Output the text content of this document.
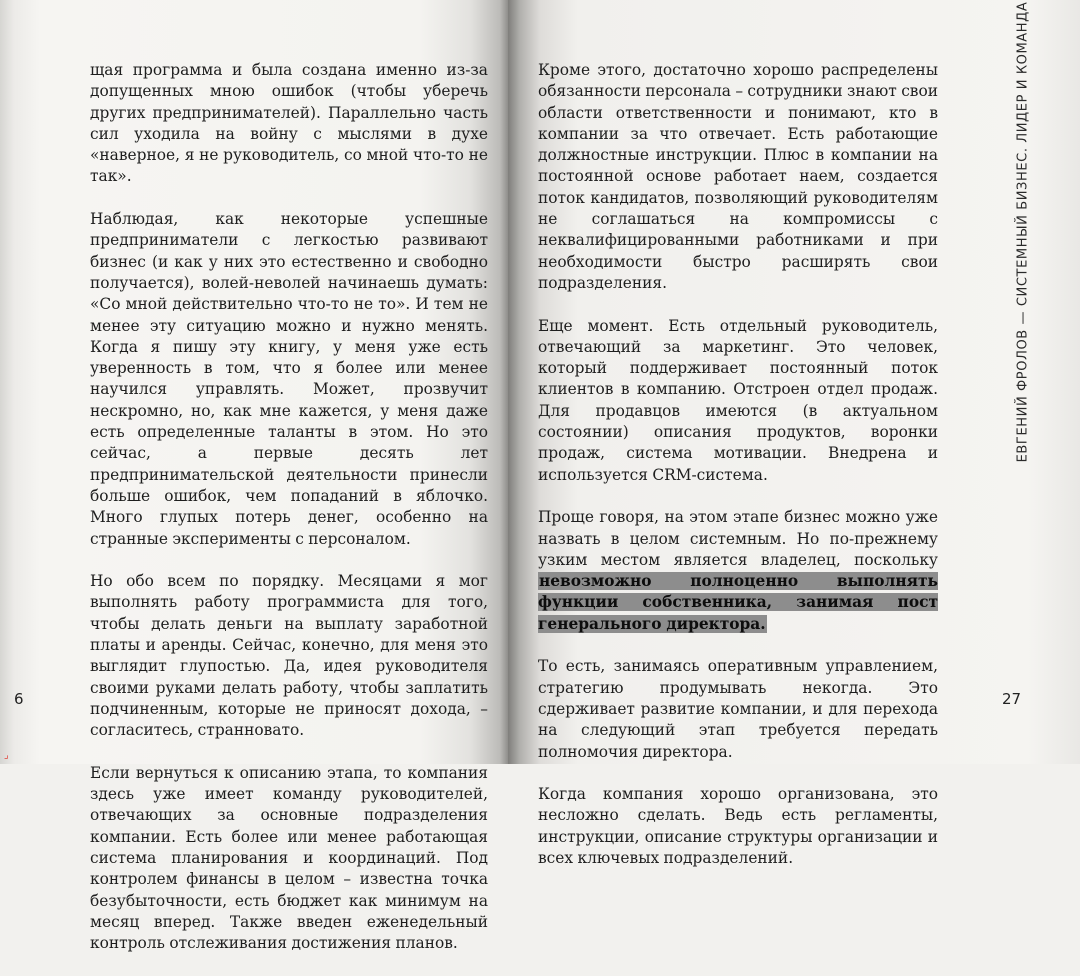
щая программа и была создана именно из-за допущенных мною ошибок (чтобы уберечь других предпринимателей). Параллельно часть сил уходила на войну с мыслями в духе «наверное, я не руководитель, со мной что-то не так».

Наблюдая, как некоторые успешные предприниматели с легкостью развивают бизнес (и как у них это естественно и свободно получается), волей-неволей начинаешь думать: «Со мной действительно что-то не то». И тем не менее эту ситуацию можно и нужно менять. Когда я пишу эту книгу, у меня уже есть уверенность в том, что я более или менее научился управлять. Может, прозвучит нескромно, но, как мне кажется, у меня даже есть определенные таланты в этом. Но это сейчас, а первые десять лет предпринимательской деятельности принесли больше ошибок, чем попаданий в яблочко. Много глупых потерь денег, особенно на странные эксперименты с персоналом.

Но обо всем по порядку. Месяцами я мог выполнять работу программиста для того, чтобы делать деньги на выплату заработной платы и аренды. Сейчас, конечно, для меня это выглядит глупостью. Да, идея руководителя своими руками делать работу, чтобы заплатить подчиненным, которые не приносят дохода, – согласитесь, странновато.

Если вернуться к описанию этапа, то компания здесь уже имеет команду руководителей, отвечающих за основные подразделения компании. Есть более или менее работающая система планирования и координаций. Под контролем финансы в целом – известна точка безубыточности, есть бюджет как минимум на месяц вперед. Также введен еженедельный контроль отслеживания достижения планов.

Кроме этого, достаточно хорошо распределены обязанности персонала – сотрудники знают свои области ответственности и понимают, кто в компании за что отвечает. Есть работающие должностные инструкции. Плюс в компании на постоянной основе работает наем, создается поток кандидатов, позволяющий руководителям не соглашаться на компромиссы с неквалифицированными работниками и при необходимости быстро расширять свои подразделения.

Еще момент. Есть отдельный руководитель, отвечающий за маркетинг. Это человек, который поддерживает постоянный поток клиентов в компанию. Отстроен отдел продаж. Для продавцов имеются (в актуальном состоянии) описания продуктов, воронки продаж, система мотивации. Внедрена и используется CRM-система.

Проще говоря, на этом этапе бизнес можно уже назвать в целом системным. Но по-прежнему узким местом является владелец, поскольку невозможно полноценно выполнять функции собственника, занимая пост генерального директора.

То есть, занимаясь оперативным управлением, стратегию продумывать некогда. Это сдерживает развитие компании, и для перехода на следующий этап требуется передать полномочия директора.

Когда компания хорошо организована, это несложно сделать. Ведь есть регламенты, инструкции, описание структуры организации и всех ключевых подразделений.

6	27
ЕВГЕНИЙ ФРОЛОВ — СИСТЕМНЫЙ БИЗНЕС. ЛИДЕР И КОМАНДА
⌟
